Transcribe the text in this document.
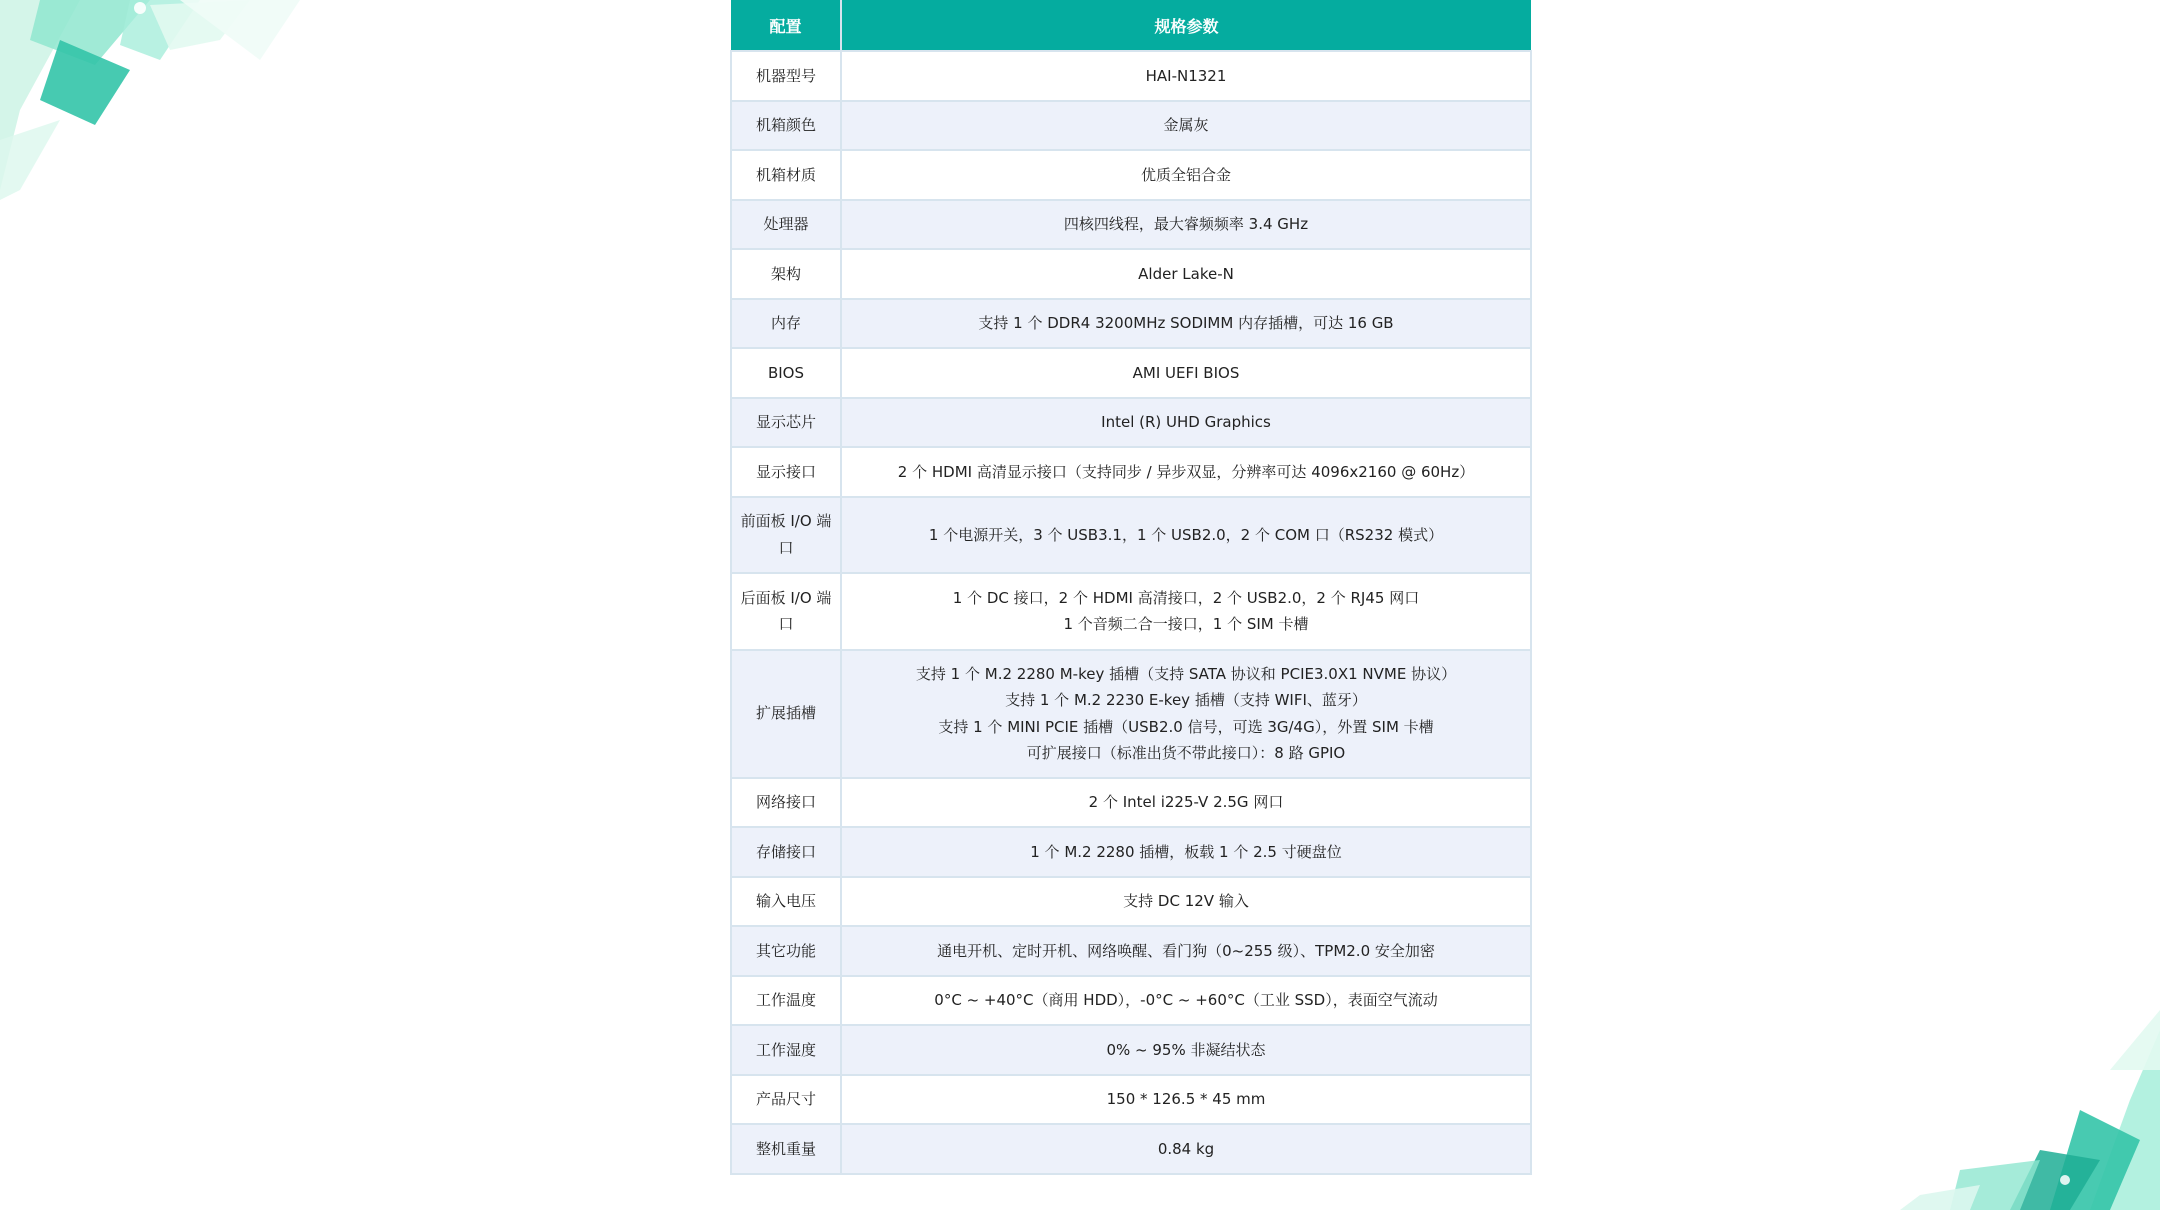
配置	规格参数
机器型号	HAI-N1321

机箱颜色	金属灰

机箱材质	优质全铝合金

处理器	四核四线程，最大睿频频率 3.4 GHz

架构	Alder Lake-N

内存	支持 1 个 DDR4 3200MHz SODIMM 内存插槽，可达 16 GB

BIOS	AMI UEFI BIOS

显示芯片	Intel (R) UHD Graphics

显示接口	2 个 HDMI 高清显示接口（支持同步 / 异步双显，分辨率可达 4096x2160 @ 60Hz）

前面板 I/O 端口	1 个电源开关，3 个 USB3.1，1 个 USB2.0，2 个 COM 口（RS232 模式）

后面板 I/O 端口	1 个 DC 接口，2 个 HDMI 高清接口，2 个 USB2.0，2 个 RJ45 网口
1 个音频二合一接口，1 个 SIM 卡槽

扩展插槽	支持 1 个 M.2 2280 M-key 插槽（支持 SATA 协议和 PCIE3.0X1 NVME 协议）
支持 1 个 M.2 2230 E-key 插槽（支持 WIFI、蓝牙）
支持 1 个 MINI PCIE 插槽（USB2.0 信号，可选 3G/4G），外置 SIM 卡槽
可扩展接口（标准出货不带此接口）：8 路 GPIO

网络接口	2 个 Intel i225-V 2.5G 网口

存储接口	1 个 M.2 2280 插槽，板载 1 个 2.5 寸硬盘位

输入电压	支持 DC 12V 输入

其它功能	通电开机、定时开机、网络唤醒、看门狗（0~255 级）、TPM2.0 安全加密

工作温度	0°C ~ +40°C（商用 HDD），-0°C ~ +60°C（工业 SSD），表面空气流动

工作湿度	0% ~ 95% 非凝结状态

产品尺寸	150 * 126.5 * 45 mm

整机重量	0.84 kg
